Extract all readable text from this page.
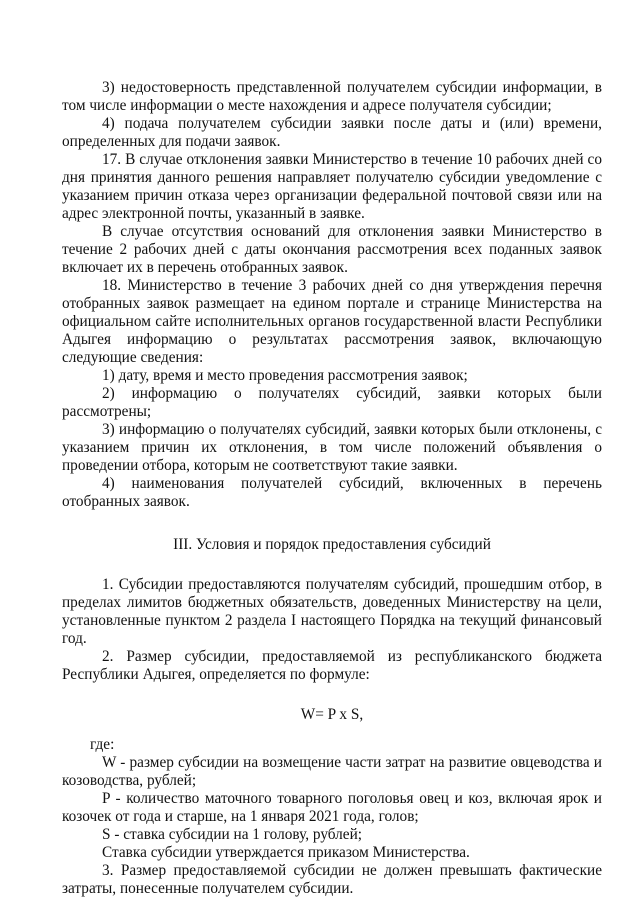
3) недостоверность представленной получателем субсидии информации, в том числе информации о месте нахождения и адресе получателя субсидии;

4) подача получателем субсидии заявки после даты и (или) времени, определенных для подачи заявок.

17. В случае отклонения заявки Министерство в течение 10 рабочих дней со дня принятия данного решения направляет получателю субсидии уведомление с указанием причин отказа через организации федеральной почтовой связи или на адрес электронной почты, указанный в заявке.

В случае отсутствия оснований для отклонения заявки Министерство в течение 2 рабочих дней с даты окончания рассмотрения всех поданных заявок включает их в перечень отобранных заявок.

18. Министерство в течение 3 рабочих дней со дня утверждения перечня отобранных заявок размещает на едином портале и странице Министерства на официальном сайте исполнительных органов государственной власти Республики Адыгея информацию о результатах рассмотрения заявок, включающую следующие сведения:

1) дату, время и место проведения рассмотрения заявок;

2) информацию о получателях субсидий, заявки которых были рассмотрены;

3) информацию о получателях субсидий, заявки которых были отклонены, с указанием причин их отклонения, в том числе положений объявления о проведении отбора, которым не соответствуют такие заявки.

4) наименования получателей субсидий, включенных в перечень отобранных заявок.

III. Условия и порядок предоставления субсидий

1. Субсидии предоставляются получателям субсидий, прошедшим отбор, в пределах лимитов бюджетных обязательств, доведенных Министерству на цели, установленные пунктом 2 раздела I настоящего Порядка на текущий финансовый год.

2. Размер субсидии, предоставляемой из республиканского бюджета Республики Адыгея, определяется по формуле:

W= P x S,

где:

W - размер субсидии на возмещение части затрат на развитие овцеводства и козоводства, рублей;

P - количество маточного товарного поголовья овец и коз, включая ярок и козочек от года и старше, на 1 января 2021 года, голов;

S - ставка субсидии на 1 голову, рублей;

Ставка субсидии утверждается приказом Министерства.

3. Размер предоставляемой субсидии не должен превышать фактические затраты, понесенные получателем субсидии.
